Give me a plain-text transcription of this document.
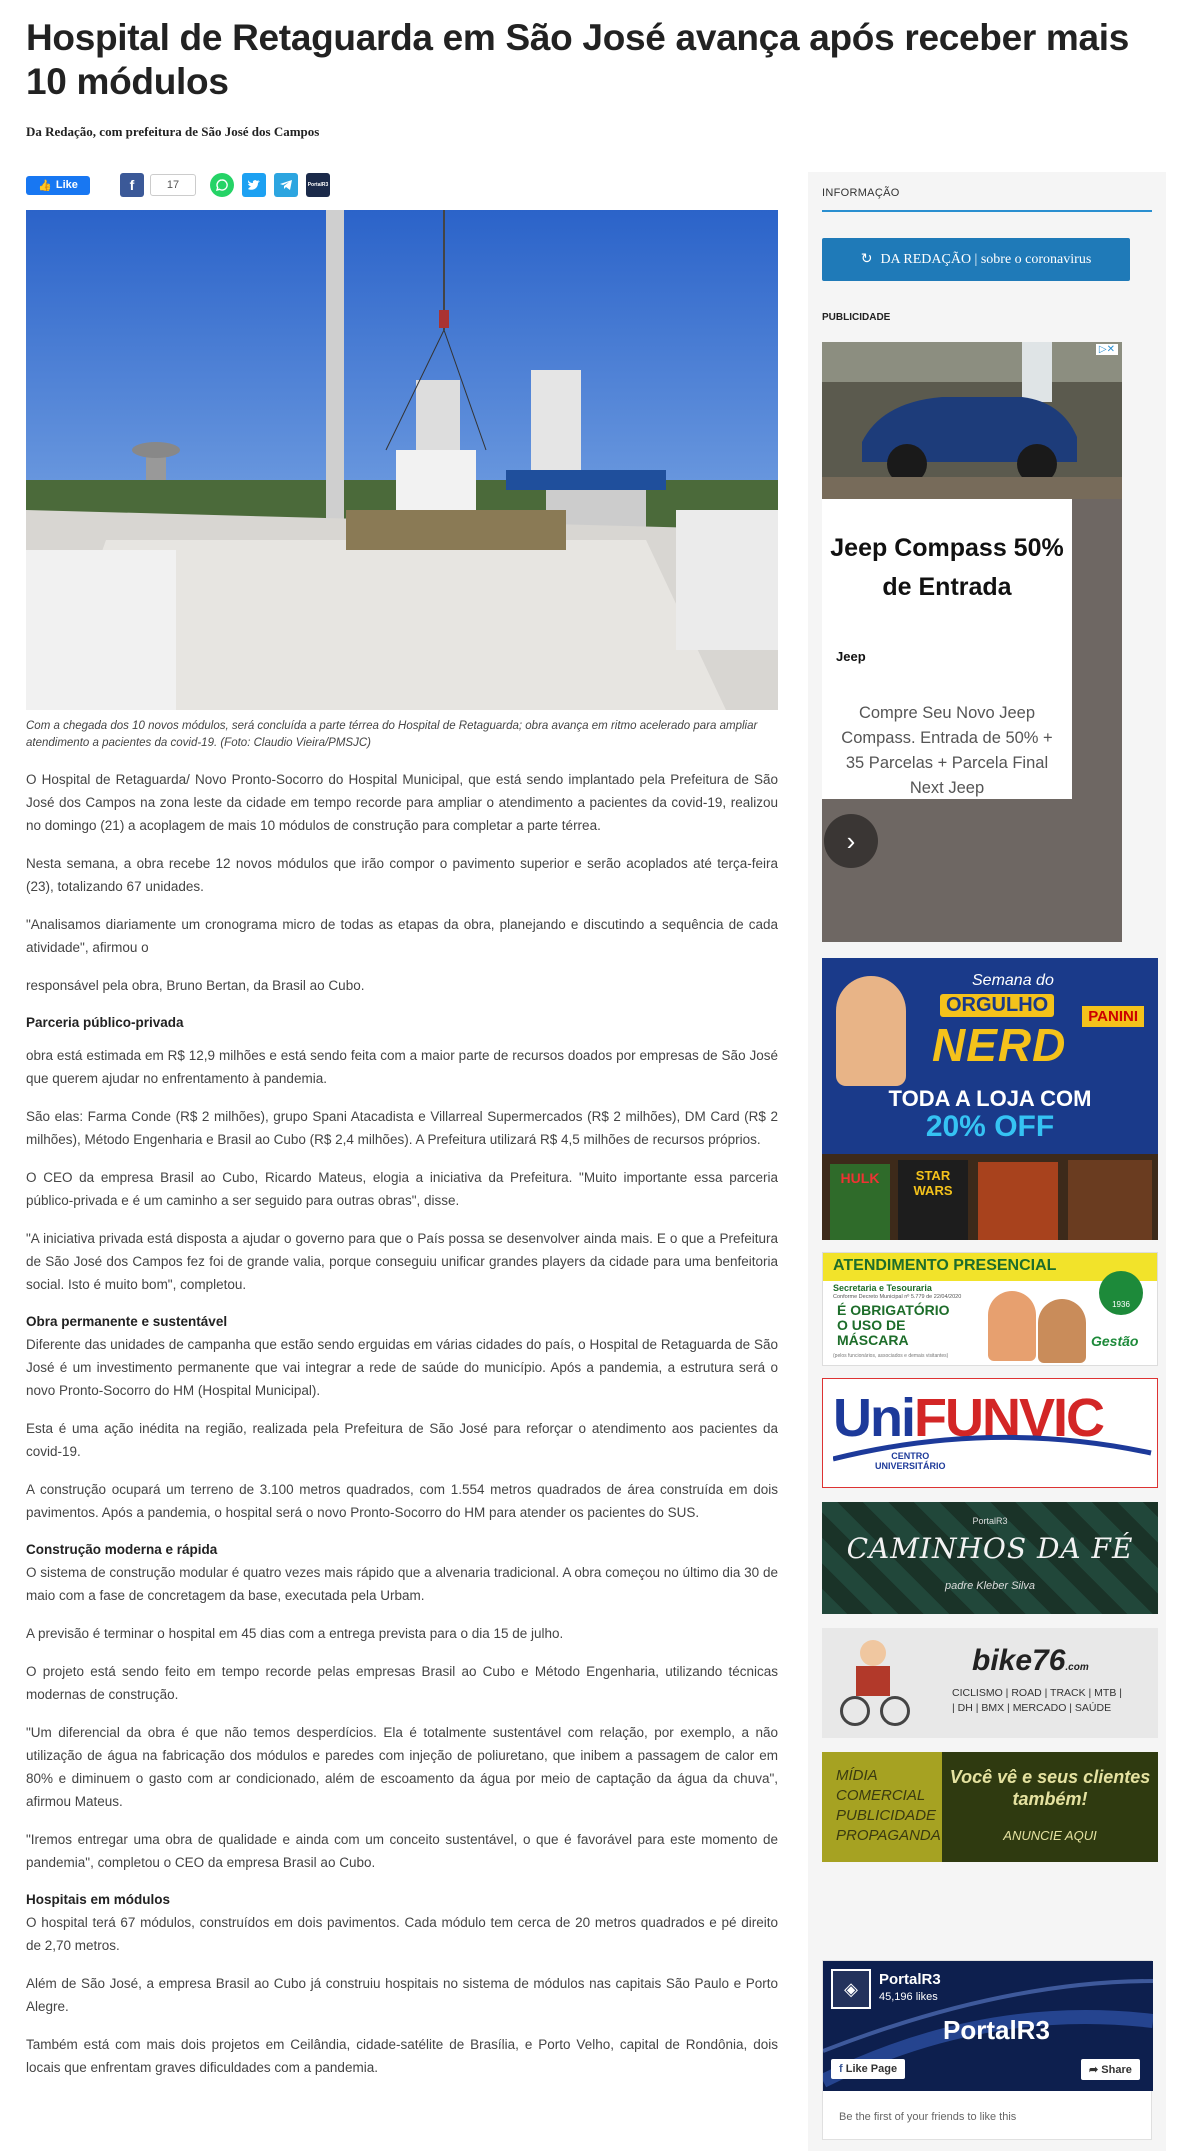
Hospital de Retaguarda em São José avança após receber mais 10 módulos
Da Redação, com prefeitura de São José dos Campos
👍 Like	f	17	PortalR3
Com a chegada dos 10 novos módulos, será concluída a parte térrea do Hospital de Retaguarda; obra avança em ritmo acelerado para ampliar atendimento a pacientes da covid-19. (Foto: Claudio Vieira/PMSJC)

O Hospital de Retaguarda/ Novo Pronto-Socorro do Hospital Municipal, que está sendo implantado pela Prefeitura de São José dos Campos na zona leste da cidade em tempo recorde para ampliar o atendimento a pacientes da covid-19, realizou no domingo (21) a acoplagem de mais 10 módulos de construção para completar a parte térrea.

Nesta semana, a obra recebe 12 novos módulos que irão compor o pavimento superior e serão acoplados até terça-feira (23), totalizando 67 unidades.

"Analisamos diariamente um cronograma micro de todas as etapas da obra, planejando e discutindo a sequência de cada atividade", afirmou o

responsável pela obra, Bruno Bertan, da Brasil ao Cubo.

Parceria público-privada

obra está estimada em R$ 12,9 milhões e está sendo feita com a maior parte de recursos doados por empresas de São José que querem ajudar no enfrentamento à pandemia.

São elas: Farma Conde (R$ 2 milhões), grupo Spani Atacadista e Villarreal Supermercados (R$ 2 milhões), DM Card (R$ 2 milhões), Método Engenharia e Brasil ao Cubo (R$ 2,4 milhões). A Prefeitura utilizará R$ 4,5 milhões de recursos próprios.

O CEO da empresa Brasil ao Cubo, Ricardo Mateus, elogia a iniciativa da Prefeitura. "Muito importante essa parceria público-privada e é um caminho a ser seguido para outras obras", disse.

"A iniciativa privada está disposta a ajudar o governo para que o País possa se desenvolver ainda mais. E o que a Prefeitura de São José dos Campos fez foi de grande valia, porque conseguiu unificar grandes players da cidade para uma benfeitoria social. Isto é muito bom", completou.

Obra permanente e sustentável

Diferente das unidades de campanha que estão sendo erguidas em várias cidades do país, o Hospital de Retaguarda de São José é um investimento permanente que vai integrar a rede de saúde do município. Após a pandemia, a estrutura será o novo Pronto-Socorro do HM (Hospital Municipal).

Esta é uma ação inédita na região, realizada pela Prefeitura de São José para reforçar o atendimento aos pacientes da covid-19.

A construção ocupará um terreno de 3.100 metros quadrados, com 1.554 metros quadrados de área construída em dois pavimentos. Após a pandemia, o hospital será o novo Pronto-Socorro do HM para atender os pacientes do SUS.

Construção moderna e rápida

O sistema de construção modular é quatro vezes mais rápido que a alvenaria tradicional. A obra começou no último dia 30 de maio com a fase de concretagem da base, executada pela Urbam.

A previsão é terminar o hospital em 45 dias com a entrega prevista para o dia 15 de julho.

O projeto está sendo feito em tempo recorde pelas empresas Brasil ao Cubo e Método Engenharia, utilizando técnicas modernas de construção.

"Um diferencial da obra é que não temos desperdícios. Ela é totalmente sustentável com relação, por exemplo, a não utilização de água na fabricação dos módulos e paredes com injeção de poliuretano, que inibem a passagem de calor em 80% e diminuem o gasto com ar condicionado, além de escoamento da água por meio de captação da água da chuva", afirmou Mateus.

"Iremos entregar uma obra de qualidade e ainda com um conceito sustentável, o que é favorável para este momento de pandemia", completou o CEO da empresa Brasil ao Cubo.

Hospitais em módulos

O hospital terá 67 módulos, construídos em dois pavimentos. Cada módulo tem cerca de 20 metros quadrados e pé direito de 2,70 metros.

Além de São José, a empresa Brasil ao Cubo já construiu hospitais no sistema de módulos nas capitais São Paulo e Porto Alegre.

Também está com mais dois projetos em Ceilândia, cidade-satélite de Brasília, e Porto Velho, capital de Rondônia, dois locais que enfrentam graves dificuldades com a pandemia.

INFORMAÇÃO
↻ DA REDAÇÃO | sobre o coronavirus
PUBLICIDADE
▷✕
Jeep Compass 50% de Entrada
Jeep
Compre Seu Novo Jeep Compass. Entrada de 50% + 35 Parcelas + Parcela Final Next Jeep
›
Semana do
ORGULHO
NERD
PANINI
TODA A LOJA COM
20% OFF
HULK	STAR WARS
ATENDIMENTO PRESENCIAL
Secretaria e Tesouraria
Conforme Decreto Municipal nº 5.779 de 22/04/2020
É OBRIGATÓRIO
O USO DE
MÁSCARA
(pelos funcionários, associados e demais visitantes)
1936
Gestão
UniFUNVIC
CENTRO
UNIVERSITÁRIO
PortalR3
CAMINHOS DA FÉ
padre Kleber Silva
bike76.com
CICLISMO | ROAD | TRACK | MTB |
| DH | BMX | MERCADO | SAÚDE
MÍDIA
COMERCIAL
PUBLICIDADE
PROPAGANDA
Você vê e seus clientes
também!
ANUNCIE AQUI
◈	PortalR3
45,196 likes
PortalR3
f Like Page	➦ Share
Be the first of your friends to like this
